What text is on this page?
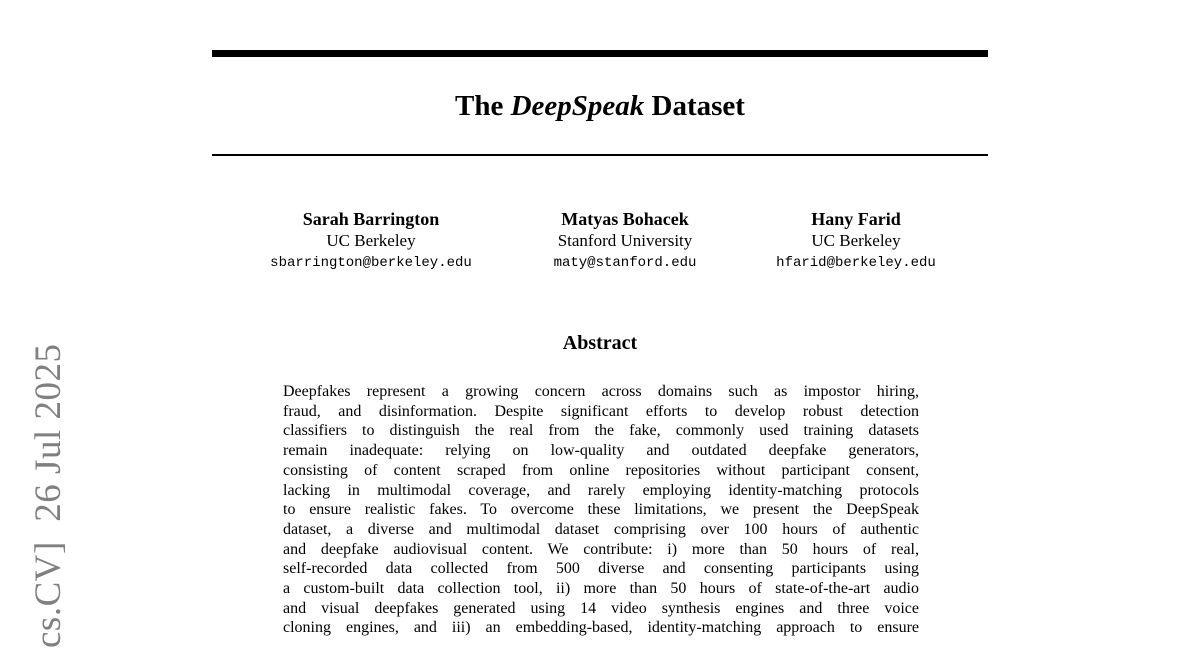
The DeepSpeak Dataset
Sarah Barrington
UC Berkeley
sbarrington@berkeley.edu
Matyas Bohacek
Stanford University
maty@stanford.edu
Hany Farid
UC Berkeley
hfarid@berkeley.edu
Abstract
Deepfakes represent a growing concern across domains such as impostor hiring,
fraud, and disinformation. Despite significant efforts to develop robust detection
classifiers to distinguish the real from the fake, commonly used training datasets
remain inadequate: relying on low-quality and outdated deepfake generators,
consisting of content scraped from online repositories without participant consent,
lacking in multimodal coverage, and rarely employing identity-matching protocols
to ensure realistic fakes. To overcome these limitations, we present the DeepSpeak
dataset, a diverse and multimodal dataset comprising over 100 hours of authentic
and deepfake audiovisual content. We contribute: i) more than 50 hours of real,
self-recorded data collected from 500 diverse and consenting participants using
a custom-built data collection tool, ii) more than 50 hours of state-of-the-art audio
and visual deepfakes generated using 14 video synthesis engines and three voice
cloning engines, and iii) an embedding-based, identity-matching approach to ensure
cs.CV]  26 Jul 2025
